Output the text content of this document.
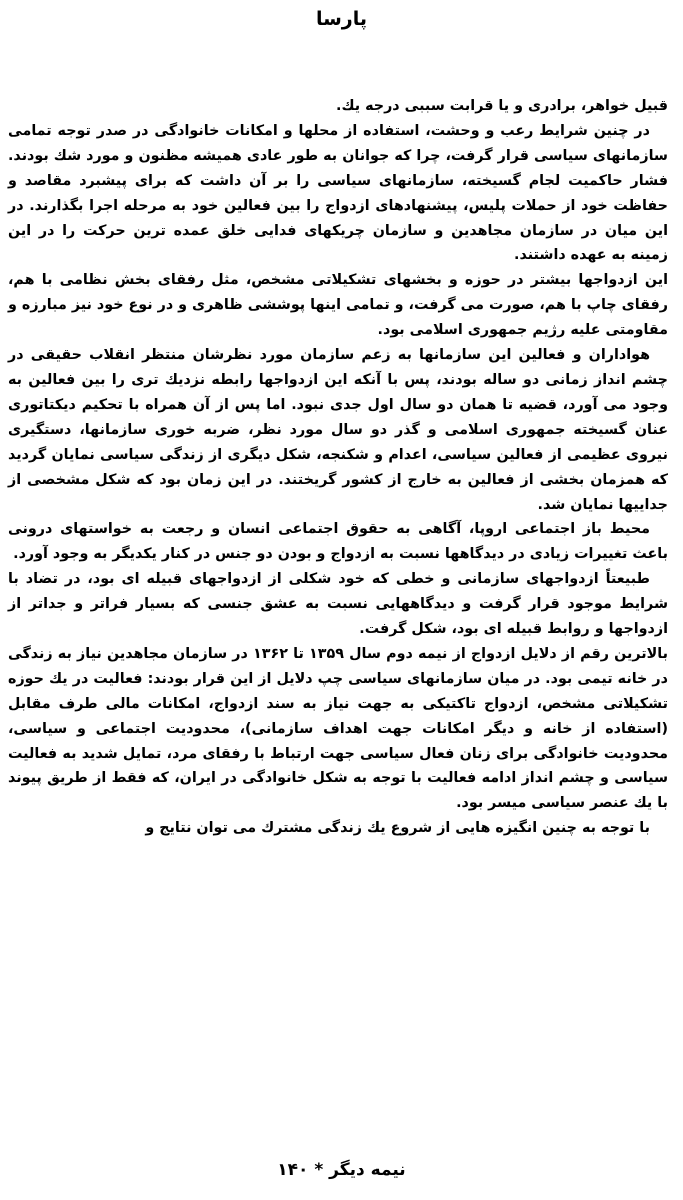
پارسا

قبیل خواهر، برادری و یا قرابت سببی درجه یك.

در چنین شرایط رعب و وحشت، استفاده از محلها و امکانات خانوادگی در صدر توجه تمامی سازمانهای سیاسی قرار گرفت، چرا که جوانان به طور عادی همیشه مظنون و مورد شك بودند. فشار حاکمیت لجام گسیخته، سازمانهای سیاسی را بر آن داشت که برای پیشبرد مقاصد و حفاظت خود از حملات پلیس، پیشنهادهای ازدواج را بین فعالین خود به مرحله اجرا بگذارند. در این میان در سازمان مجاهدین و سازمان چریکهای فدایی خلق عمده ترین حرکت را در این زمینه به عهده داشتند.

این ازدواجها بیشتر در حوزه و بخشهای تشکیلاتی مشخص، مثل رفقای بخش نظامی با هم، رفقای چاپ با هم، صورت می گرفت، و تمامی اینها پوششی ظاهری و در نوع خود نیز مبارزه و مقاومتی علیه رژیم جمهوری اسلامی بود.

هواداران و فعالین این سازمانها به زعم سازمان مورد نظرشان منتظر انقلاب حقیقی در چشم انداز زمانی دو ساله بودند، پس با آنکه این ازدواجها رابطه نزدیك تری را بین فعالین به وجود می آورد، قضیه تا همان دو سال اول جدی نبود. اما پس از آن همراه با تحکیم دیکتاتوری عنان گسیخته جمهوری اسلامی و گذر دو سال مورد نظر، ضربه خوری سازمانها، دستگیری نیروی عظیمی از فعالین سیاسی، اعدام و شکنجه، شکل دیگری از زندگی سیاسی نمایان گردید که همزمان بخشی از فعالین به خارج از کشور گریختند. در این زمان بود که شکل مشخصی از جداییها نمایان شد.

محیط باز اجتماعی اروپا، آگاهی به حقوق اجتماعی انسان و رجعت به خواستهای درونی باعث تغییرات زیادی در دیدگاهها نسبت به ازدواج و بودن دو جنس در کنار یکدیگر به وجود آورد.

طبیعتاً ازدواجهای سازمانی و خطی که خود شکلی از ازدواجهای قبیله ای بود، در تضاد با شرایط موجود قرار گرفت و دیدگاههایی نسبت به عشق جنسی که بسیار فراتر و جداتر از ازدواجها و روابط قبیله ای بود، شکل گرفت.

بالاترین رقم از دلایل ازدواج از نیمه دوم سال ۱۳۵۹ تا ۱۳۶۲ در سازمان مجاهدین نیاز به زندگی در خانه تیمی بود. در میان سازمانهای سیاسی چپ دلایل از این قرار بودند: فعالیت در یك حوزه تشکیلاتی مشخص، ازدواج تاکتیکی به جهت نیاز به سند ازدواج، امکانات مالی طرف مقابل (استفاده از خانه و دیگر امکانات جهت اهداف سازمانی)، محدودیت اجتماعی و سیاسی، محدودیت خانوادگی برای زنان فعال سیاسی جهت ارتباط با رفقای مرد، تمایل شدید به فعالیت سیاسی و چشم انداز ادامه فعالیت با توجه به شکل خانوادگی در ایران، که فقط از طریق پیوند با یك عنصر سیاسی میسر بود.

با توجه به چنین انگیزه هایی از شروع یك زندگی مشترك می توان نتایج و

نیمه دیگر * ۱۴۰
